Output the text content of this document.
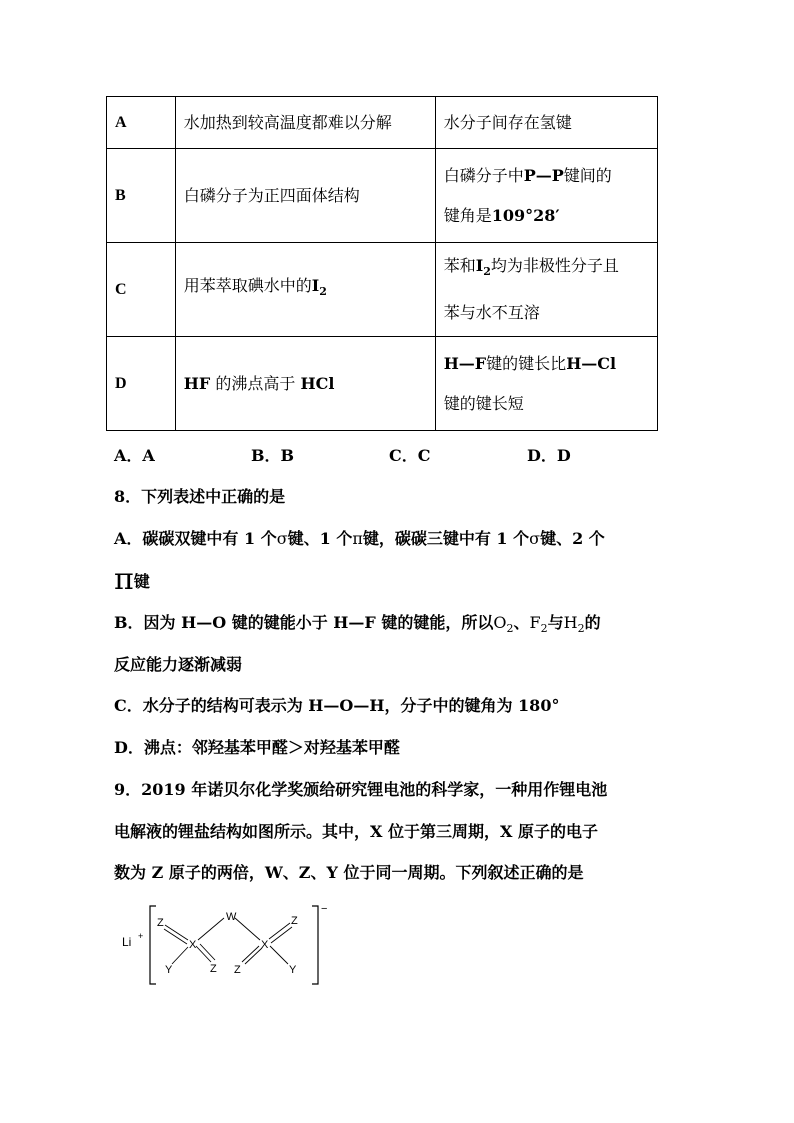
A	水加热到较高温度都难以分解	水分子间存在氢键
B	白磷分子为正四面体结构	白磷分子中P—P键间的
键角是109°28′
C	用苯萃取碘水中的$I_2$	苯和$I_2$均为非极性分子且
苯与水不互溶
D	HF 的沸点高于 HCl	H—F键的键长比H—Cl
键的键长短
A．A	B．B	C．C	D．D
8．下列表述中正确的是
A．碳碳双键中有 1 个σ键、1 个π键，碳碳三键中有 1 个σ键、2 个
π键
B．因为 H—O 键的键能小于 H—F 键的键能，所以$O_2$、$F_2$与$H_2$的
反应能力逐渐减弱
C．水分子的结构可表示为 H—O—H，分子中的键角为 180°
D．沸点：邻羟基苯甲醛＞对羟基苯甲醛
9．2019 年诺贝尔化学奖颁给研究锂电池的科学家，一种用作锂电池
电解液的锂盐结构如图所示。其中，X 位于第三周期，X 原子的电子
数为 Z 原子的两倍，W、Z、Y 位于同一周期。下列叙述正确的是
Li +
−
Z
X
Y	Z
W
X
Z
Z
Y
